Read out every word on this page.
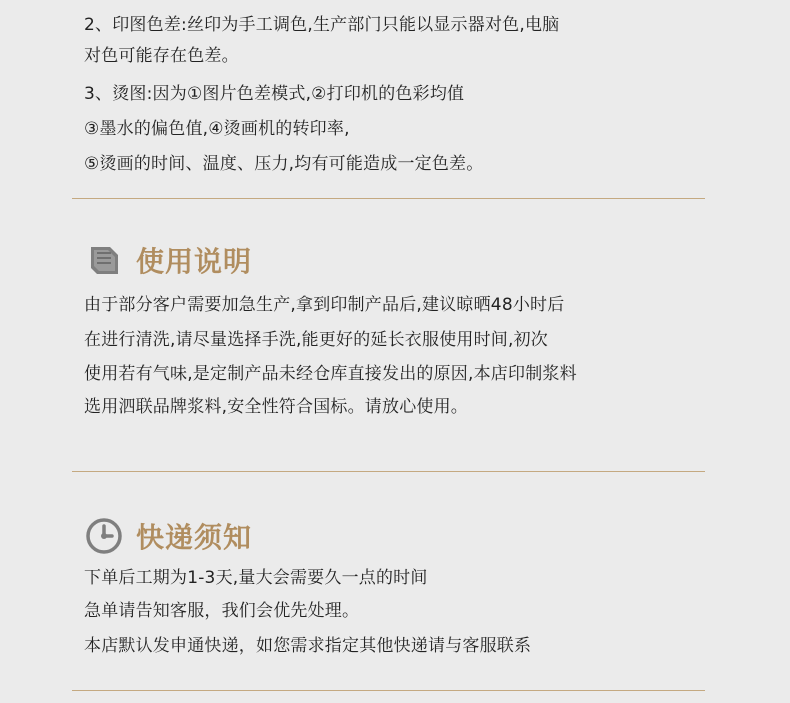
2、印图色差:丝印为手工调色,生产部门只能以显示器对色,电脑
对色可能存在色差。
3、烫图:因为①图片色差模式,②打印机的色彩均值
③墨水的偏色值,④烫画机的转印率,
⑤烫画的时间、温度、压力,均有可能造成一定色差。
使用说明
由于部分客户需要加急生产,拿到印制产品后,建议晾晒48小时后
在进行清洗,请尽量选择手洗,能更好的延长衣服使用时间,初次
使用若有气味,是定制产品未经仓库直接发出的原因,本店印制浆料
选用泗联品牌浆料,安全性符合国标。请放心使用。
快递须知
下单后工期为1-3天,量大会需要久一点的时间
急单请告知客服，我们会优先处理。
本店默认发申通快递，如您需求指定其他快递请与客服联系
